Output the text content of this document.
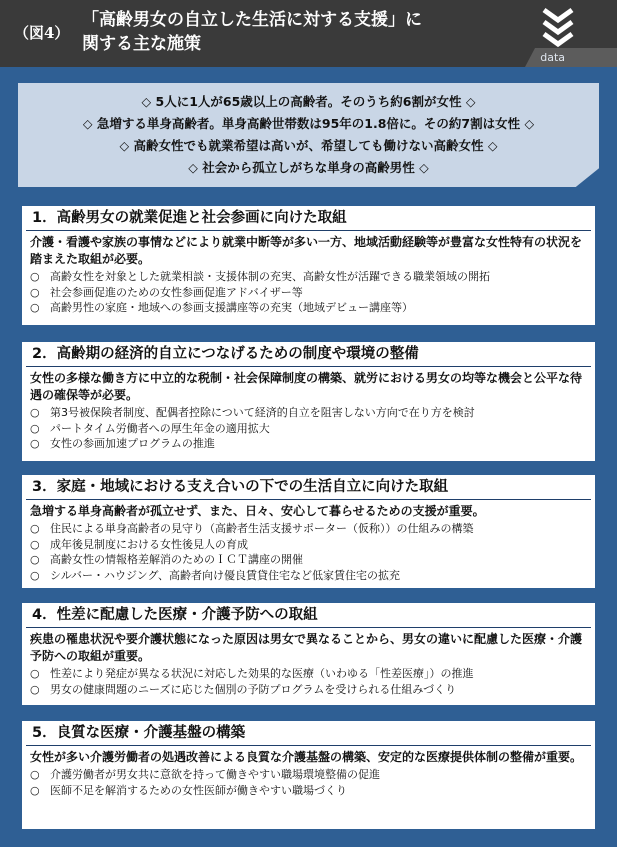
（図4）
「高齢男女の自立した生活に対する支援」に
関する主な施策
data
◇ 5人に1人が65歳以上の高齢者。そのうち約6割が女性 ◇
◇ 急増する単身高齢者。単身高齢世帯数は95年の1.8倍に。その約7割は女性 ◇
◇ 高齢女性でも就業希望は高いが、希望しても働けない高齢女性 ◇
◇ 社会から孤立しがちな単身の高齢男性 ◇
1．高齢男女の就業促進と社会参画に向けた取組
介護・看護や家族の事情などにより就業中断等が多い一方、地域活動経験等が豊富な女性特有の状況を踏まえた取組が必要。
○ 高齢女性を対象とした就業相談・支援体制の充実、高齢女性が活躍できる職業領域の開拓
○ 社会参画促進のための女性参画促進アドバイザー等
○ 高齢男性の家庭・地域への参画支援講座等の充実（地域デビュー講座等）
2．高齢期の経済的自立につなげるための制度や環境の整備
女性の多様な働き方に中立的な税制・社会保障制度の構築、就労における男女の均等な機会と公平な待遇の確保等が必要。
○ 第3号被保険者制度、配偶者控除について経済的自立を阻害しない方向で在り方を検討
○ パートタイム労働者への厚生年金の適用拡大
○ 女性の参画加速プログラムの推進
3．家庭・地域における支え合いの下での生活自立に向けた取組
急増する単身高齢者が孤立せず、また、日々、安心して暮らせるための支援が重要。
○ 住民による単身高齢者の見守り（高齢者生活支援サポーター（仮称））の仕組みの構築
○ 成年後見制度における女性後見人の育成
○ 高齢女性の情報格差解消のためのＩＣＴ講座の開催
○ シルバー・ハウジング、高齢者向け優良賃貸住宅など低家賃住宅の拡充
4．性差に配慮した医療・介護予防への取組
疾患の罹患状況や要介護状態になった原因は男女で異なることから、男女の違いに配慮した医療・介護予防への取組が重要。
○ 性差により発症が異なる状況に対応した効果的な医療（いわゆる「性差医療」）の推進
○ 男女の健康問題のニーズに応じた個別の予防プログラムを受けられる仕組みづくり
5．良質な医療・介護基盤の構築
女性が多い介護労働者の処遇改善による良質な介護基盤の構築、安定的な医療提供体制の整備が重要。
○ 介護労働者が男女共に意欲を持って働きやすい職場環境整備の促進
○ 医師不足を解消するための女性医師が働きやすい職場づくり
